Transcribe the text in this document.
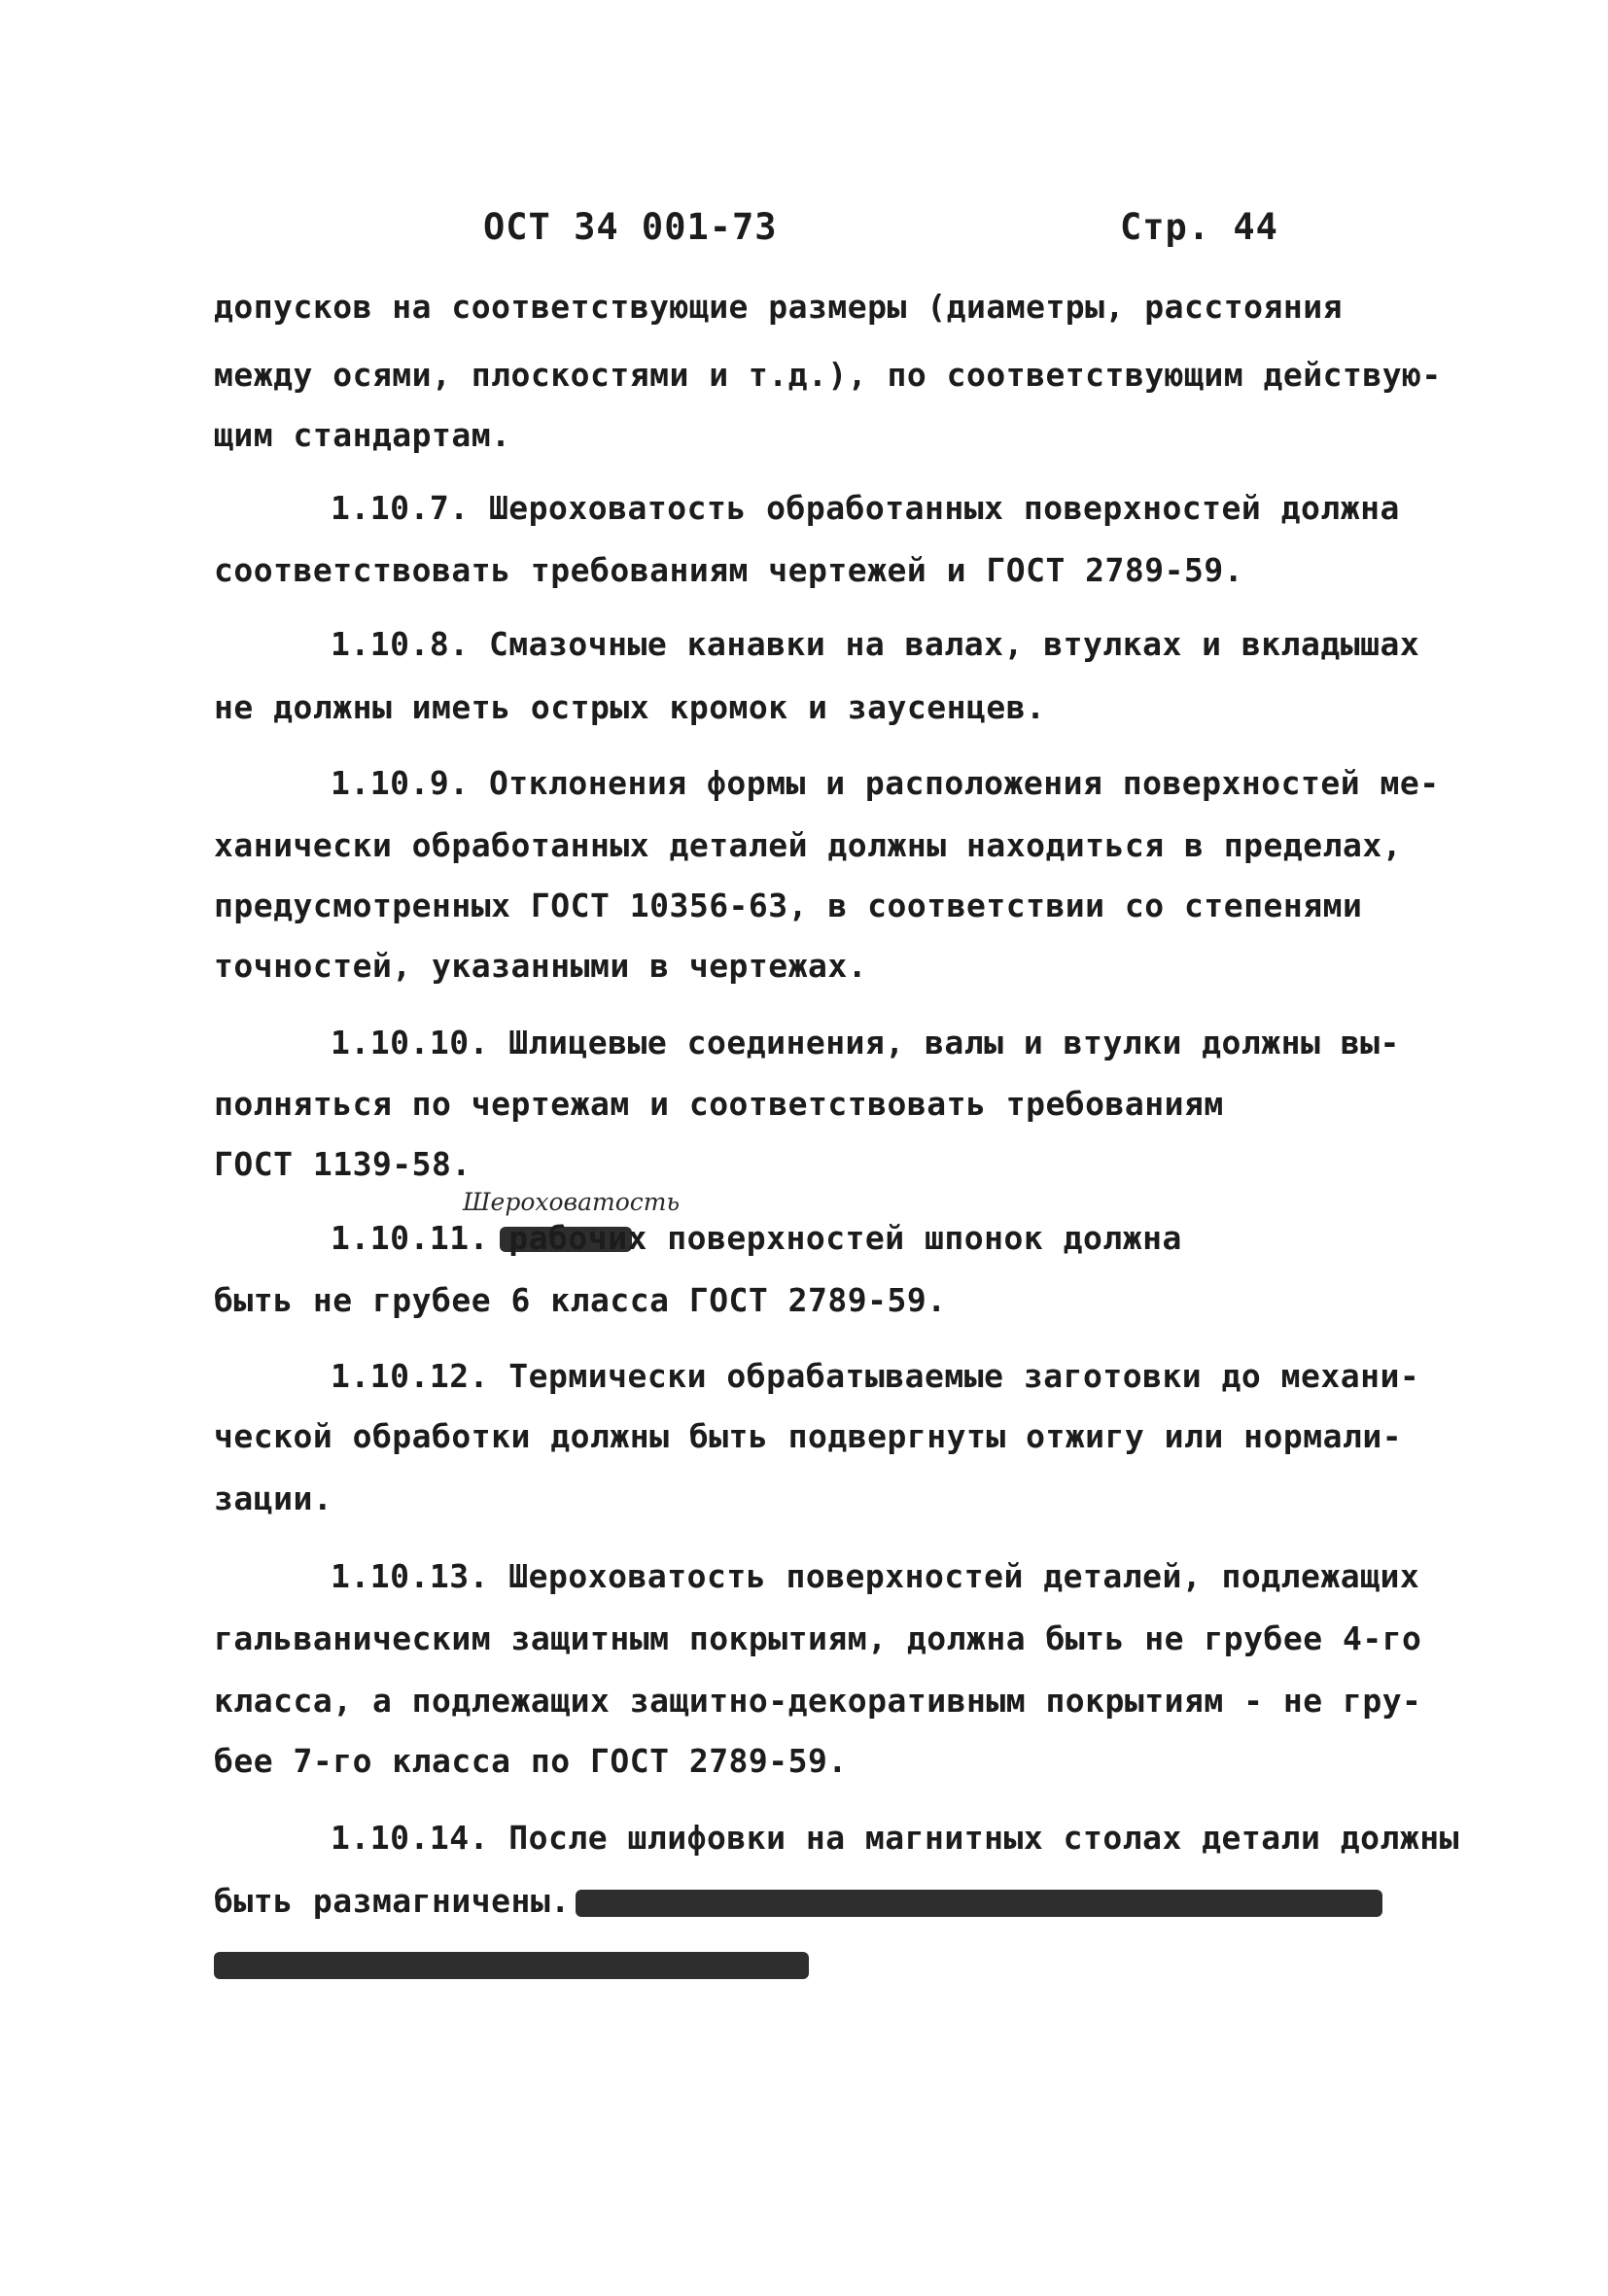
ОСТ 34 001-73	Стр. 44
допусков на соответствующие размеры (диаметры, расстояния
между осями, плоскостями и т.д.), по соответствующим действую-
щим стандартам.
1.10.7. Шероховатость обработанных поверхностей должна
соответствовать требованиям чертежей и ГОСТ 2789-59.
1.10.8. Смазочные канавки на валах, втулках и вкладышах
не должны иметь острых кромок и заусенцев.
1.10.9. Отклонения формы и расположения поверхностей ме-
ханически обработанных деталей должны находиться в пределах,
предусмотренных ГОСТ 10356-63, в соответствии со степенями
точностей, указанными в чертежах.
1.10.10. Шлицевые соединения, валы и втулки должны вы-
полняться по чертежам и соответствовать требованиям
ГОСТ 1139-58.
Шероховатость
1.10.11. рабочих поверхностей шпонок должна
быть не грубее 6 класса ГОСТ 2789-59.
1.10.12. Термически обрабатываемые заготовки до механи-
ческой обработки должны быть подвергнуты отжигу или нормали-
зации.
1.10.13. Шероховатость поверхностей деталей, подлежащих
гальваническим защитным покрытиям, должна быть не грубее 4-го
класса, а подлежащих защитно-декоративным покрытиям - не гру-
бее 7-го класса по ГОСТ 2789-59.
1.10.14. После шлифовки на магнитных столах детали должны
быть размагничены.
